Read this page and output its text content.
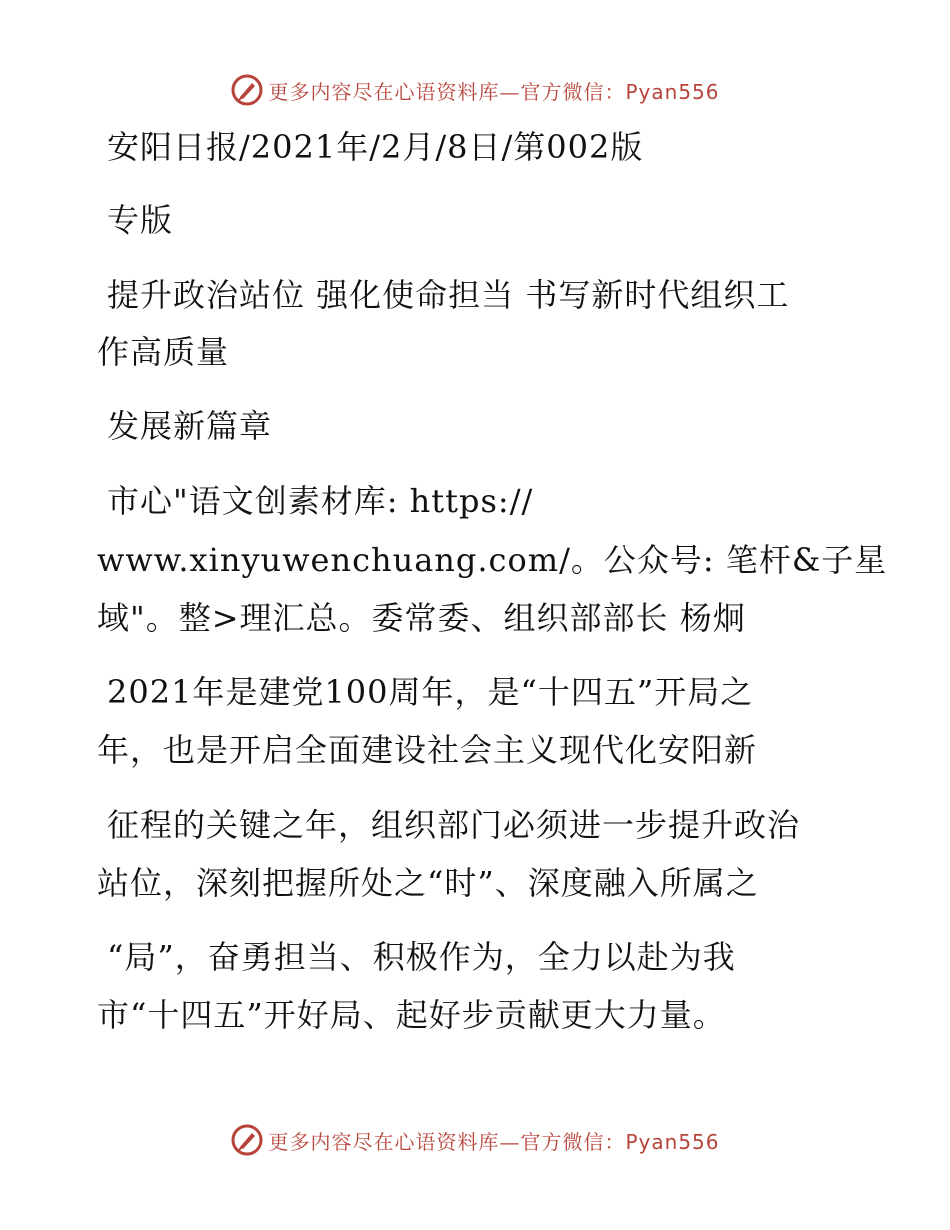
更多内容尽在心语资料库—官方微信：Pyan556
安阳日报/2021年/2月/8日/第002版
专版
提升政治站位 强化使命担当 书写新时代组织工
作高质量
发展新篇章
市心"语文创素材库: https://
www.xinyuwenchuang.com/。公众号: 笔杆&子星
域"。整>理汇总。委常委、组织部部长 杨炯
2021年是建党100周年，是“十四五”开局之
年，也是开启全面建设社会主义现代化安阳新
征程的关键之年，组织部门必须进一步提升政治
站位，深刻把握所处之“时”、深度融入所属之
“局”，奋勇担当、积极作为，全力以赴为我
市“十四五”开好局、起好步贡献更大力量。
更多内容尽在心语资料库—官方微信：Pyan556
